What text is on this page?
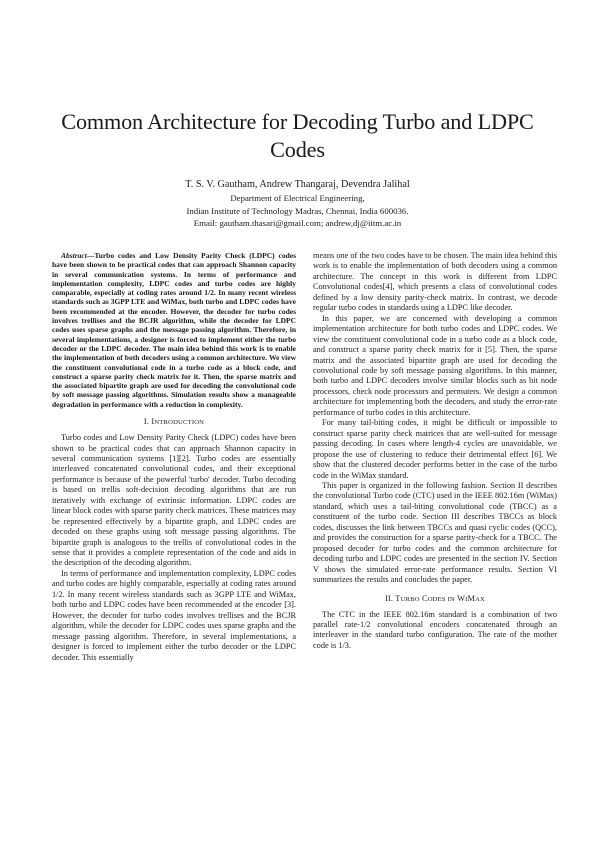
Common Architecture for Decoding Turbo and LDPC Codes
T. S. V. Gautham, Andrew Thangaraj, Devendra Jalihal
Department of Electrical Engineering,
Indian Institute of Technology Madras, Chennai, India 600036.
Email: gautham.thasari@gmail.com; andrew,dj@iitm.ac.in

Abstract—Turbo codes and Low Density Parity Check (LDPC) codes have been shown to be practical codes that can approach Shannon capacity in several communication systems. In terms of performance and implementation complexity, LDPC codes and turbo codes are highly comparable, especially at coding rates around 1/2. In many recent wireless standards such as 3GPP LTE and WiMax, both turbo and LDPC codes have been recommended at the encoder. However, the decoder for turbo codes involves trellises and the BCJR algorithm, while the decoder for LDPC codes uses sparse graphs and the message passing algorithm. Therefore, in several implementations, a designer is forced to implement either the turbo decoder or the LDPC decoder. The main idea behind this work is to enable the implementation of both decoders using a common architecture. We view the constituent convolutional code in a turbo code as a block code, and construct a sparse parity check matrix for it. Then, the sparse matrix and the associated bipartite graph are used for decoding the convolutional code by soft message passing algorithms. Simulation results show a manageable degradation in performance with a reduction in complexity.

I. INTRODUCTION

Turbo codes and Low Density Parity Check (LDPC) codes have been shown to be practical codes that can approach Shannon capacity in several communication systems [1][2]. Turbo codes are essentially interleaved concatenated convolutional codes, and their exceptional performance is because of the powerful 'turbo' decoder. Turbo decoding is based on trellis soft-decision decoding algorithms that are run iteratively with exchange of extrinsic information. LDPC codes are linear block codes with sparse parity check matrices. These matrices may be represented effectively by a bipartite graph, and LDPC codes are decoded on these graphs using soft message passing algorithms. The bipartite graph is analogous to the trellis of convolutional codes in the sense that it provides a complete representation of the code and aids in the description of the decoding algorithm.

In terms of performance and implementation complexity, LDPC codes and turbo codes are highly comparable, especially at coding rates around 1/2. In many recent wireless standards such as 3GPP LTE and WiMax, both turbo and LDPC codes have been recommended at the encoder [3]. However, the decoder for turbo codes involves trellises and the BCJR algorithm, while the decoder for LDPC codes uses sparse graphs and the message passing algorithm. Therefore, in several implementations, a designer is forced to implement either the turbo decoder or the LDPC decoder. This essentially

means one of the two codes have to be chosen. The main idea behind this work is to enable the implementation of both decoders using a common architecture. The concept in this work is different from LDPC Convolutional codes[4], which presents a class of convolutional codes defined by a low density parity-check matrix. In contrast, we decode regular turbo codes in standards using a LDPC like decoder.

In this paper, we are concerned with developing a common implementation architecture for both turbo codes and LDPC codes. We view the constituent convolutional code in a turbo code as a block code, and construct a sparse parity check matrix for it [5]. Then, the sparse matrix and the associated bipartite graph are used for decoding the convolutional code by soft message passing algorithms. In this manner, both turbo and LDPC decoders involve similar blocks such as bit node processors, check node processors and permuters. We design a common architecture for implementing both the decoders, and study the error-rate performance of turbo codes in this architecture.

For many tail-biting codes, it might be difficult or impossible to construct sparse parity check matrices that are well-suited for message passing decoding. In cases where length-4 cycles are unavoidable, we propose the use of clustering to reduce their detrimental effect [6]. We show that the clustered decoder performs better in the case of the turbo code in the WiMax standard.

This paper is organized in the following fashion. Section II describes the convolutional Turbo code (CTC) used in the IEEE 802.16m (WiMax) standard, which uses a tail-biting convolutional code (TBCC) as a constituent of the turbo code. Section III describes TBCCs as block codes, discusses the link between TBCCs and quasi cyclic codes (QCC), and provides the construction for a sparse parity-check for a TBCC. The proposed decoder for turbo codes and the common architecture for decoding turbo and LDPC codes are presented in the section IV. Section V shows the simulated error-rate performance results. Section VI summarizes the results and concludes the paper.

II. TURBO CODES IN WIMAX

The CTC in the IEEE 802.16m standard is a combination of two parallel rate-1/2 convolutional encoders concatenated through an interleaver in the standard turbo configuration. The rate of the mother code is 1/3.
